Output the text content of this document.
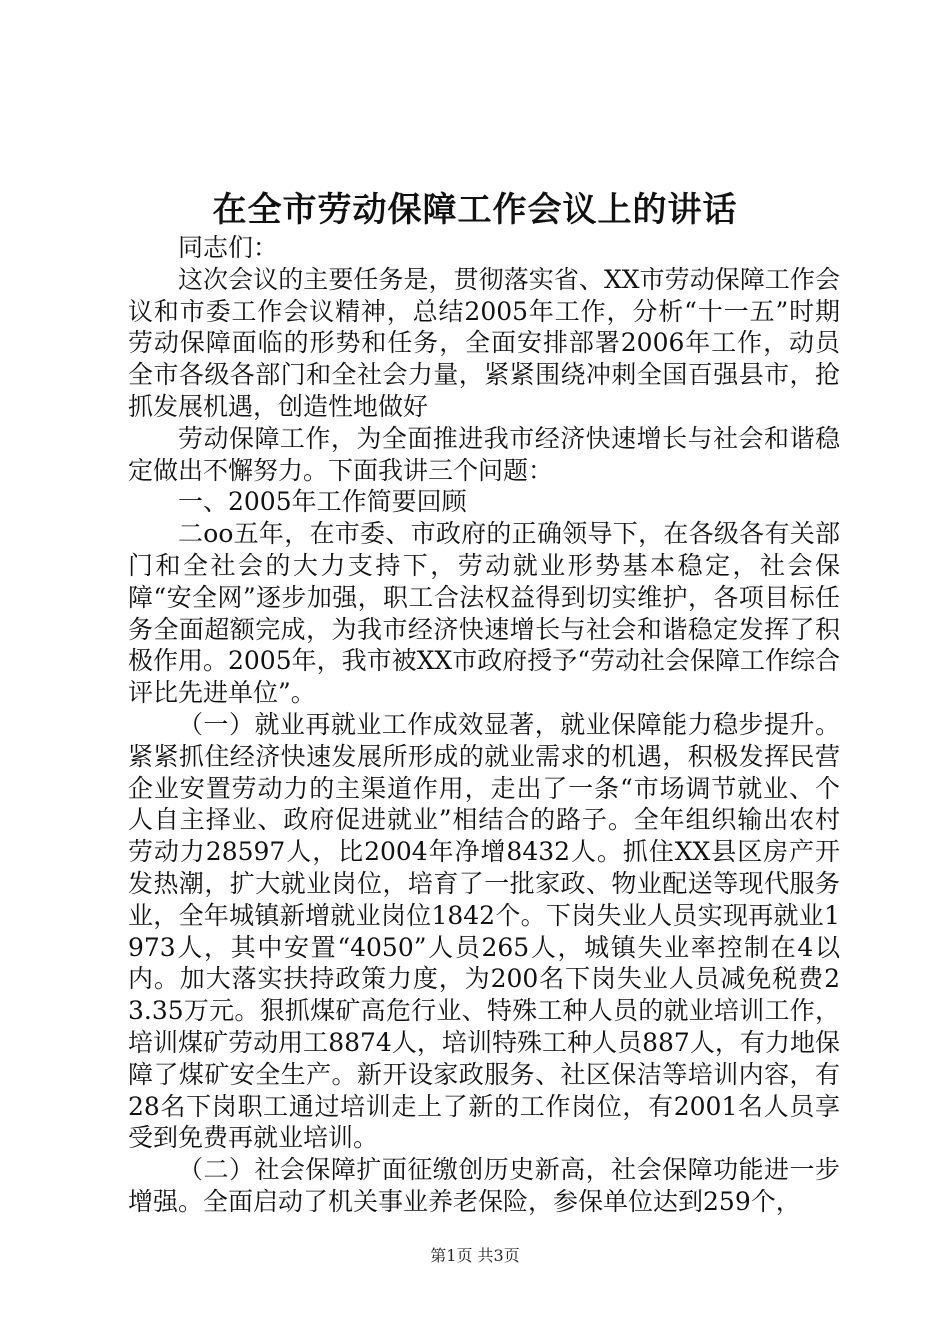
在全市劳动保障工作会议上的讲话

同志们：

这次会议的主要任务是，贯彻落实省、XX市劳动保障工作会议和市委工作会议精神，总结2005年工作，分析“十一五”时期劳动保障面临的形势和任务，全面安排部署2006年工作，动员全市各级各部门和全社会力量，紧紧围绕冲刺全国百强县市，抢抓发展机遇，创造性地做好

劳动保障工作，为全面推进我市经济快速增长与社会和谐稳定做出不懈努力。下面我讲三个问题：

一、2005年工作简要回顾

二oo五年，在市委、市政府的正确领导下，在各级各有关部门和全社会的大力支持下，劳动就业形势基本稳定，社会保障“安全网”逐步加强，职工合法权益得到切实维护，各项目标任务全面超额完成，为我市经济快速增长与社会和谐稳定发挥了积极作用。2005年，我市被XX市政府授予“劳动社会保障工作综合评比先进单位”。

（一）就业再就业工作成效显著，就业保障能力稳步提升。紧紧抓住经济快速发展所形成的就业需求的机遇，积极发挥民营企业安置劳动力的主渠道作用，走出了一条“市场调节就业、个人自主择业、政府促进就业”相结合的路子。全年组织输出农村劳动力28597人，比2004年净增8432人。抓住XX县区房产开发热潮，扩大就业岗位，培育了一批家政、物业配送等现代服务业，全年城镇新增就业岗位1842个。下岗失业人员实现再就业1973人，其中安置“4050”人员265人，城镇失业率控制在4以内。加大落实扶持政策力度，为200名下岗失业人员减免税费23.35万元。狠抓煤矿高危行业、特殊工种人员的就业培训工作，培训煤矿劳动用工8874人，培训特殊工种人员887人，有力地保障了煤矿安全生产。新开设家政服务、社区保洁等培训内容，有28名下岗职工通过培训走上了新的工作岗位，有2001名人员享受到免费再就业培训。

（二）社会保障扩面征缴创历史新高，社会保障功能进一步增强。全面启动了机关事业养老保险，参保单位达到259个，

第1页 共3页
